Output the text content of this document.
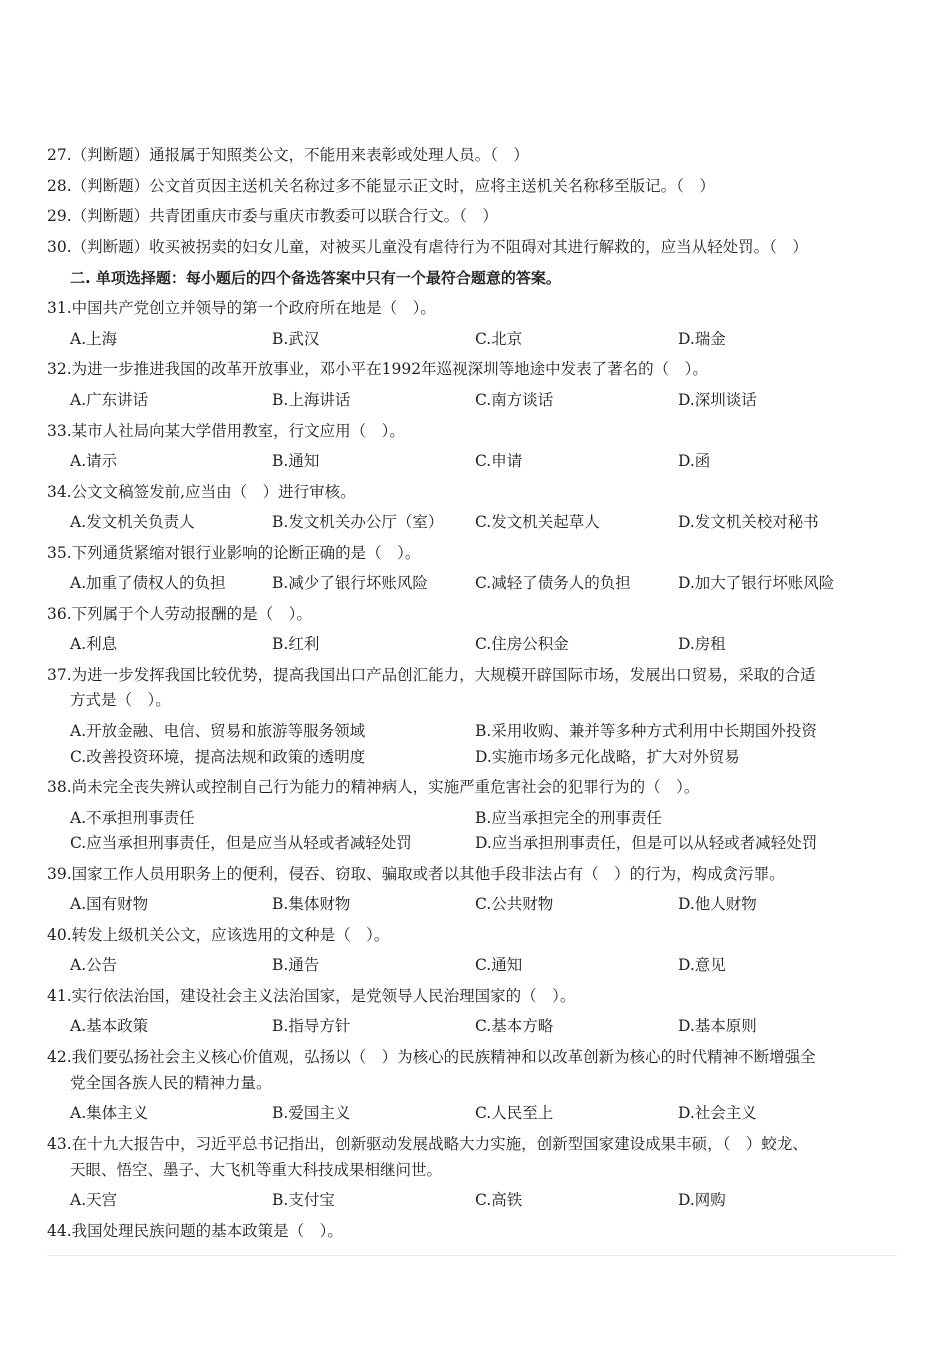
27.（判断题）通报属于知照类公文，不能用来表彰或处理人员。（　）
28.（判断题）公文首页因主送机关名称过多不能显示正文时，应将主送机关名称移至版记。（　）
29.（判断题）共青团重庆市委与重庆市教委可以联合行文。（　）
30.（判断题）收买被拐卖的妇女儿童，对被买儿童没有虐待行为不阻碍对其进行解救的，应当从轻处罚。（　）
二. 单项选择题：每小题后的四个备选答案中只有一个最符合题意的答案。
31.中国共产党创立并领导的第一个政府所在地是（　）。
A.上海	B.武汉	C.北京	D.瑞金
32.为进一步推进我国的改革开放事业，邓小平在1992年巡视深圳等地途中发表了著名的（　）。
A.广东讲话	B.上海讲话	C.南方谈话	D.深圳谈话
33.某市人社局向某大学借用教室，行文应用（　）。
A.请示	B.通知	C.申请	D.函
34.公文文稿签发前,应当由（　）进行审核。
A.发文机关负责人	B.发文机关办公厅（室） C.发文机关起草人	D.发文机关校对秘书
35.下列通货紧缩对银行业影响的论断正确的是（　）。
A.加重了债权人的负担	B.减少了银行坏账风险	C.减轻了债务人的负担	D.加大了银行坏账风险
36.下列属于个人劳动报酬的是（　）。
A.利息	B.红利	C.住房公积金	D.房租
37.为进一步发挥我国比较优势，提高我国出口产品创汇能力，大规模开辟国际市场，发展出口贸易，采取的合适
方式是（　）。
A.开放金融、电信、贸易和旅游等服务领域	B.采用收购、兼并等多种方式利用中长期国外投资
C.改善投资环境，提高法规和政策的透明度	D.实施市场多元化战略，扩大对外贸易
38.尚未完全丧失辨认或控制自己行为能力的精神病人，实施严重危害社会的犯罪行为的（　）。
A.不承担刑事责任	B.应当承担完全的刑事责任
C.应当承担刑事责任，但是应当从轻或者减轻处罚	D.应当承担刑事责任，但是可以从轻或者减轻处罚
39.国家工作人员用职务上的便利，侵吞、窃取、骗取或者以其他手段非法占有（　）的行为，构成贪污罪。
A.国有财物	B.集体财物	C.公共财物	D.他人财物
40.转发上级机关公文，应该选用的文种是（　）。
A.公告	B.通告	C.通知	D.意见
41.实行依法治国，建设社会主义法治国家，是党领导人民治理国家的（　）。
A.基本政策	B.指导方针	C.基本方略	D.基本原则
42.我们要弘扬社会主义核心价值观，弘扬以（　）为核心的民族精神和以改革创新为核心的时代精神不断增强全
党全国各族人民的精神力量。
A.集体主义	B.爱国主义	C.人民至上	D.社会主义
43.在十九大报告中，习近平总书记指出，创新驱动发展战略大力实施，创新型国家建设成果丰硕，（　）蛟龙、
天眼、悟空、墨子、大飞机等重大科技成果相继问世。
A.天宫	B.支付宝	C.高铁	D.网购
44.我国处理民族问题的基本政策是（　）。
